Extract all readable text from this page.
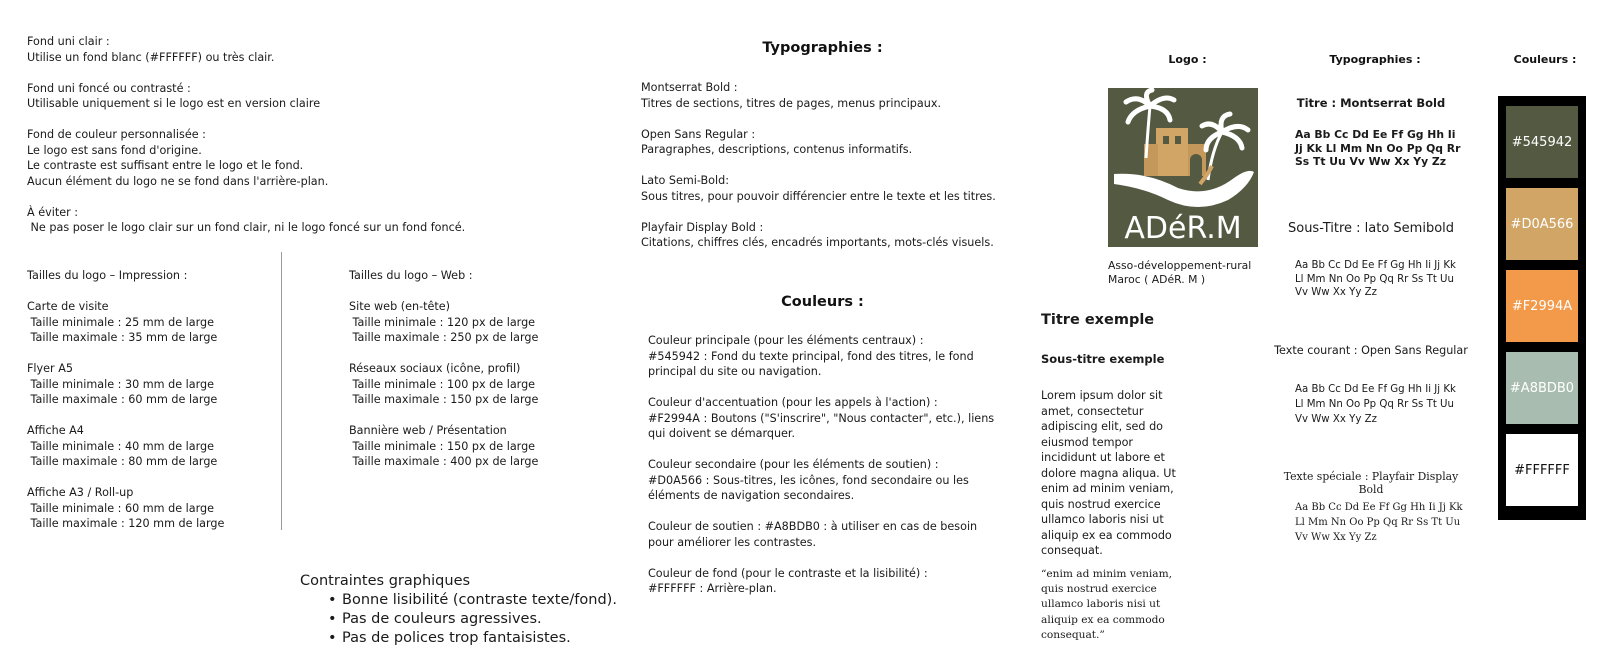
Fond uni clair :
Utilise un fond blanc (#FFFFFF) ou très clair.
Fond uni foncé ou contrasté :
Utilisable uniquement si le logo est en version claire
Fond de couleur personnalisée :
Le logo est sans fond d'origine.
Le contraste est suffisant entre le logo et le fond.
Aucun élément du logo ne se fond dans l'arrière-plan.
À éviter :
Ne pas poser le logo clair sur un fond clair, ni le logo foncé sur un fond foncé.
Tailles du logo – Impression :
Carte de visite
Taille minimale : 25 mm de large
Taille maximale : 35 mm de large
Flyer A5
Taille minimale : 30 mm de large
Taille maximale : 60 mm de large
Affiche A4
Taille minimale : 40 mm de large
Taille maximale : 80 mm de large
Affiche A3 / Roll-up
Taille minimale : 60 mm de large
Taille maximale : 120 mm de large
Tailles du logo – Web :
Site web (en-tête)
Taille minimale : 120 px de large
Taille maximale : 250 px de large
Réseaux sociaux (icône, profil)
Taille minimale : 100 px de large
Taille maximale : 150 px de large
Bannière web / Présentation
Taille minimale : 150 px de large
Taille maximale : 400 px de large
Contraintes graphiques
• Bonne lisibilité (contraste texte/fond).
• Pas de couleurs agressives.
• Pas de polices trop fantaisistes.
Typographies :
Montserrat Bold :
Titres de sections, titres de pages, menus principaux.
Open Sans Regular :
Paragraphes, descriptions, contenus informatifs.
Lato Semi-Bold:
Sous titres, pour pouvoir différencier entre le texte et les titres.
Playfair Display Bold :
Citations, chiffres clés, encadrés importants, mots-clés visuels.
Couleurs :
Couleur principale (pour les éléments centraux) :
#545942 : Fond du texte principal, fond des titres, le fond principal du site ou navigation.
Couleur d'accentuation (pour les appels à l'action) :
#F2994A : Boutons ("S'inscrire", "Nous contacter", etc.), liens qui doivent se démarquer.
Couleur secondaire (pour les éléments de soutien) :
#D0A566 : Sous-titres, les icônes, fond secondaire ou les éléments de navigation secondaires.
Couleur de soutien : #A8BDB0 : à utiliser en cas de besoin pour améliorer les contrastes.
Couleur de fond (pour le contraste et la lisibilité) :
#FFFFFF : Arrière-plan.
Logo :	Typographies :	Couleurs :
ADéR.M
Asso-développement-rural Maroc ( ADéR. M )
Titre exemple
Sous-titre exemple
Lorem ipsum dolor sit amet, consectetur adipiscing elit, sed do eiusmod tempor incididunt ut labore et dolore magna aliqua. Ut enim ad minim veniam, quis nostrud exercice ullamco laboris nisi ut aliquip ex ea commodo consequat.
“enim ad minim veniam, quis nostrud exercice ullamco laboris nisi ut aliquip ex ea commodo consequat.”
Titre : Montserrat Bold
Aa Bb Cc Dd Ee Ff Gg Hh Ii Jj Kk Ll Mm Nn Oo Pp Qq Rr Ss Tt Uu Vv Ww Xx Yy Zz
Sous-Titre : lato Semibold
Aa Bb Cc Dd Ee Ff Gg Hh Ii Jj Kk Ll Mm Nn Oo Pp Qq Rr Ss Tt Uu Vv Ww Xx Yy Zz
Texte courant : Open Sans Regular
Aa Bb Cc Dd Ee Ff Gg Hh Ii Jj Kk Ll Mm Nn Oo Pp Qq Rr Ss Tt Uu Vv Ww Xx Yy Zz
Texte spéciale : Playfair Display Bold
Aa Bb Cc Dd Ee Ff Gg Hh Ii Jj Kk Ll Mm Nn Oo Pp Qq Rr Ss Tt Uu Vv Ww Xx Yy Zz
#545942
#D0A566
#F2994A
#A8BDB0
#FFFFFF
